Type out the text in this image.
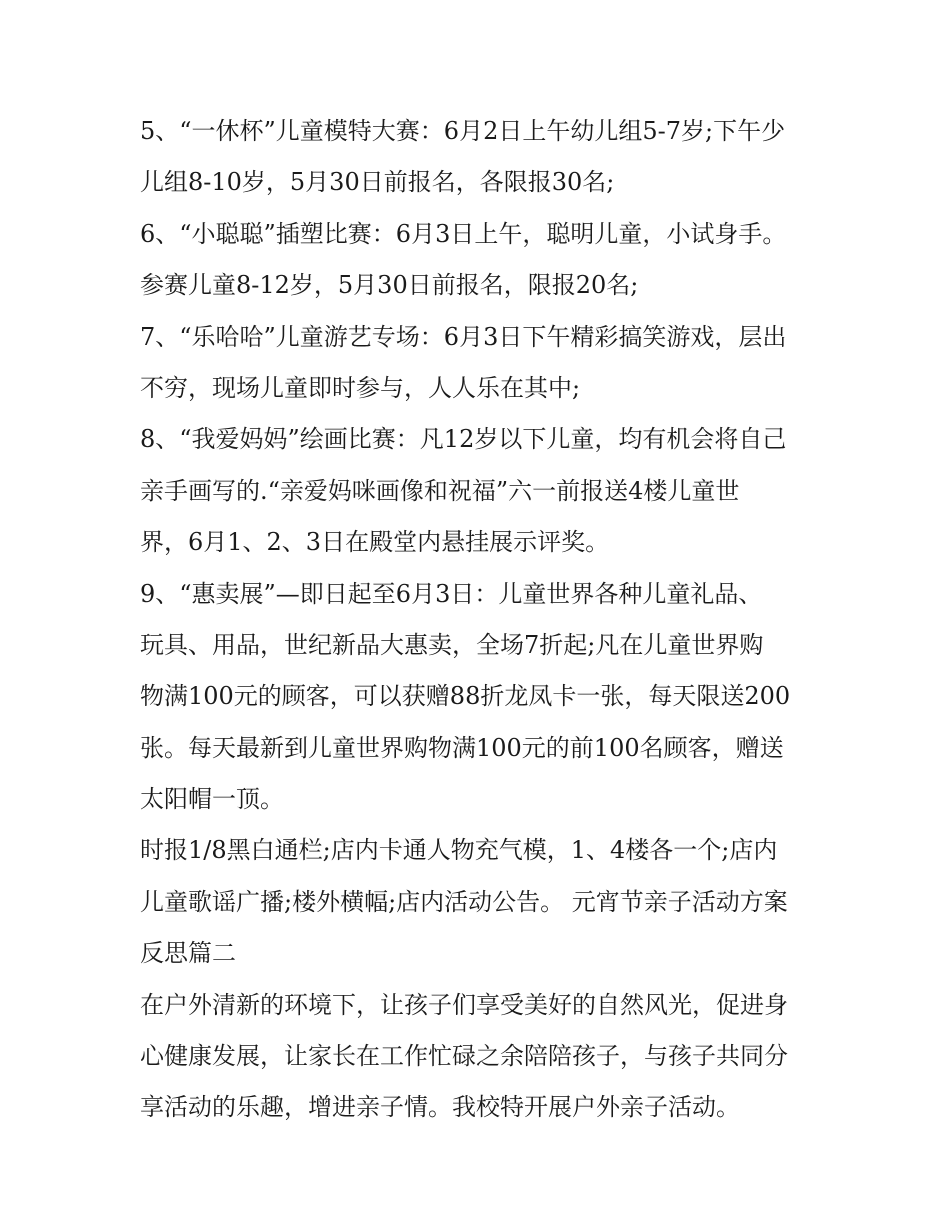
5、“一休杯”儿童模特大赛：6月2日上午幼儿组5-7岁;下午少
儿组8-10岁，5月30日前报名，各限报30名;
6、“小聪聪”插塑比赛：6月3日上午，聪明儿童，小试身手。
参赛儿童8-12岁，5月30日前报名，限报20名;
7、“乐哈哈”儿童游艺专场：6月3日下午精彩搞笑游戏，层出
不穷，现场儿童即时参与，人人乐在其中;
8、“我爱妈妈”绘画比赛：凡12岁以下儿童，均有机会将自己
亲手画写的.“亲爱妈咪画像和祝福”六一前报送4楼儿童世
界，6月1、2、3日在殿堂内悬挂展示评奖。
9、“惠卖展”—即日起至6月3日：儿童世界各种儿童礼品、
玩具、用品，世纪新品大惠卖，全场7折起;凡在儿童世界购
物满100元的顾客，可以获赠88折龙凤卡一张，每天限送200
张。每天最新到儿童世界购物满100元的前100名顾客，赠送
太阳帽一顶。
时报1/8黑白通栏;店内卡通人物充气模，1、4楼各一个;店内
儿童歌谣广播;楼外横幅;店内活动公告。 元宵节亲子活动方案
反思篇二
在户外清新的环境下，让孩子们享受美好的自然风光，促进身
心健康发展，让家长在工作忙碌之余陪陪孩子，与孩子共同分
享活动的乐趣，增进亲子情。我校特开展户外亲子活动。
